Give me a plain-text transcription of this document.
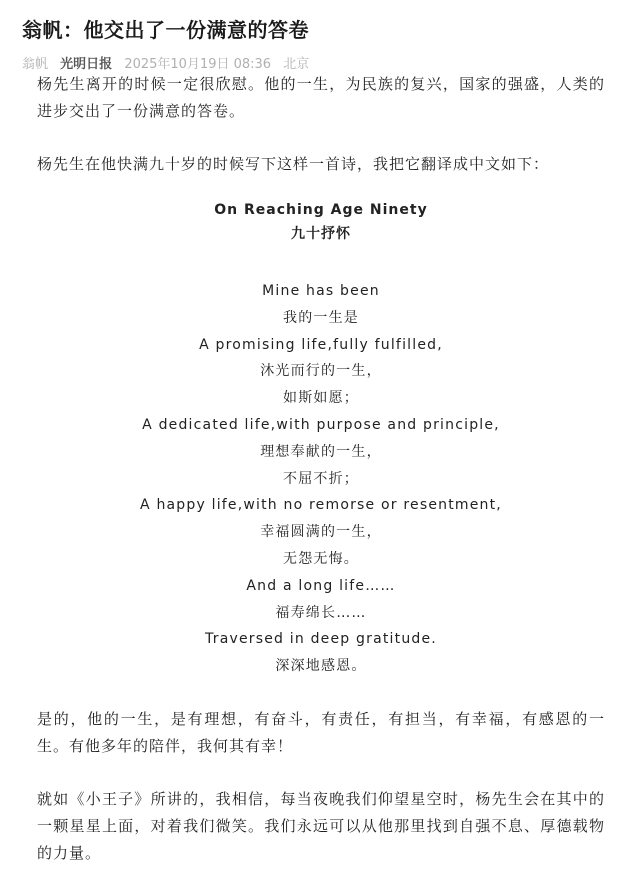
翁帆：他交出了一份满意的答卷
翁帆 光明日报 2025年10月19日 08:36 北京

杨先生离开的时候一定很欣慰。他的一生，为民族的复兴，国家的强盛，人类的进步交出了一份满意的答卷。

杨先生在他快满九十岁的时候写下这样一首诗，我把它翻译成中文如下：

On Reaching Age Ninety
九十抒怀
Mine has been
我的一生是
A promising life,fully fulfilled,
沐光而行的一生，
如斯如愿；
A dedicated life,with purpose and principle,
理想奉献的一生，
不屈不折；
A happy life,with no remorse or resentment,
幸福圆满的一生，
无怨无悔。
And a long life……
福寿绵长……
Traversed in deep gratitude.
深深地感恩。

是的，他的一生，是有理想，有奋斗，有责任，有担当，有幸福，有感恩的一生。有他多年的陪伴，我何其有幸！

就如《小王子》所讲的，我相信，每当夜晚我们仰望星空时，杨先生会在其中的一颗星星上面，对着我们微笑。我们永远可以从他那里找到自强不息、厚德载物的力量。
